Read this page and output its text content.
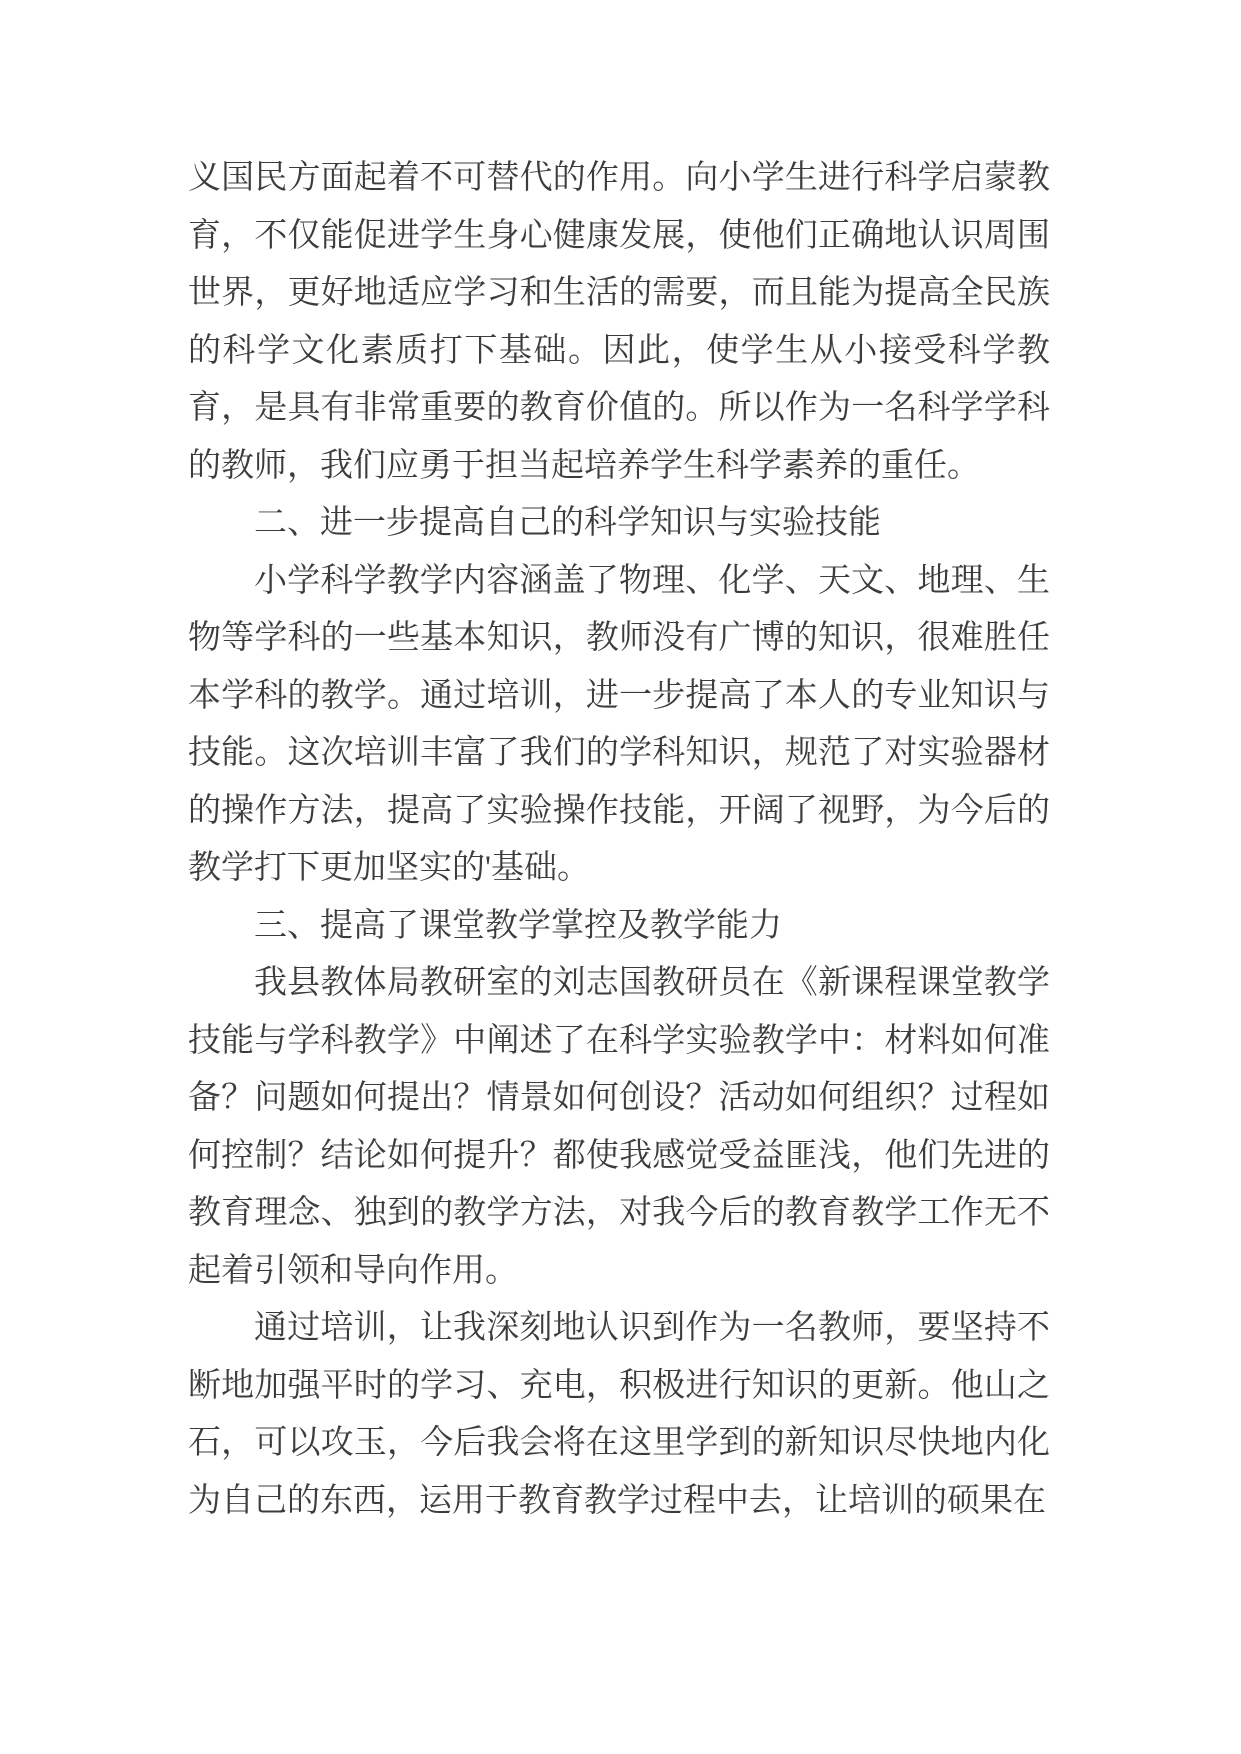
义国民方面起着不可替代的作用。向小学生进行科学启蒙教育，不仅能促进学生身心健康发展，使他们正确地认识周围世界，更好地适应学习和生活的需要，而且能为提高全民族的科学文化素质打下基础。因此，使学生从小接受科学教育，是具有非常重要的教育价值的。所以作为一名科学学科的教师，我们应勇于担当起培养学生科学素养的重任。

二、进一步提高自己的科学知识与实验技能

小学科学教学内容涵盖了物理、化学、天文、地理、生物等学科的一些基本知识，教师没有广博的知识，很难胜任本学科的教学。通过培训，进一步提高了本人的专业知识与技能。这次培训丰富了我们的学科知识，规范了对实验器材的操作方法，提高了实验操作技能，开阔了视野，为今后的教学打下更加坚实的'基础。

三、提高了课堂教学掌控及教学能力

我县教体局教研室的刘志国教研员在《新课程课堂教学技能与学科教学》中阐述了在科学实验教学中：材料如何准备？问题如何提出？情景如何创设？活动如何组织？过程如何控制？结论如何提升？都使我感觉受益匪浅，他们先进的教育理念、独到的教学方法，对我今后的教育教学工作无不起着引领和导向作用。

通过培训，让我深刻地认识到作为一名教师，要坚持不断地加强平时的学习、充电，积极进行知识的更新。他山之石，可以攻玉，今后我会将在这里学到的新知识尽快地内化为自己的东西，运用于教育教学过程中去，让培训的硕果在
